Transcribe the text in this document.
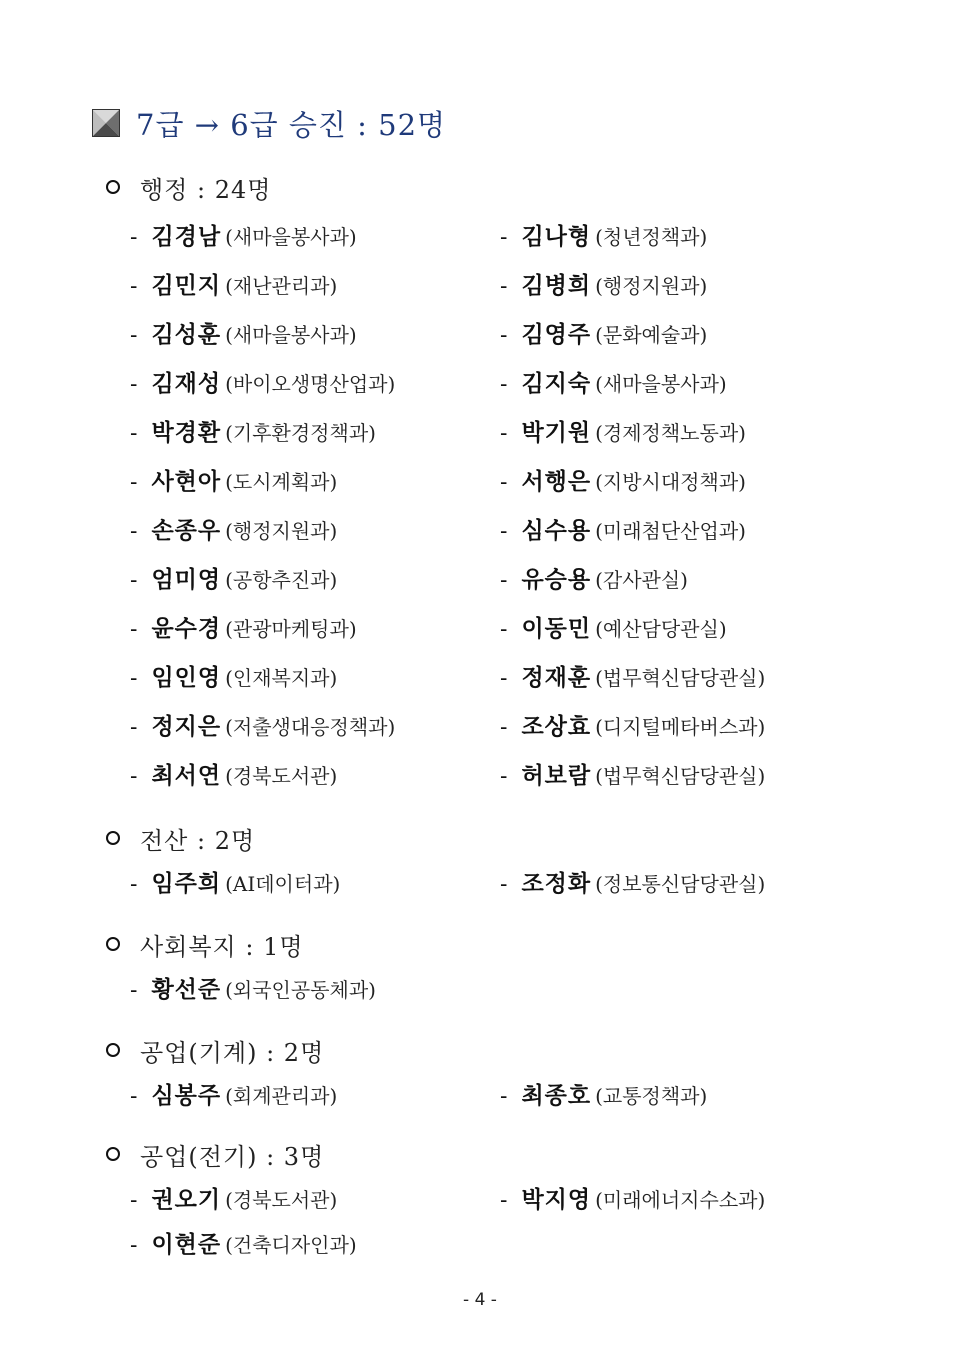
7급 → 6급 승진 : 52명
행정 : 24명
- 김경남 (새마을봉사과)	- 김나형 (청년정책과)
- 김민지 (재난관리과)	- 김병희 (행정지원과)
- 김성훈 (새마을봉사과)	- 김영주 (문화예술과)
- 김재성 (바이오생명산업과)	- 김지숙 (새마을봉사과)
- 박경환 (기후환경정책과)	- 박기원 (경제정책노동과)
- 사현아 (도시계획과)	- 서행은 (지방시대정책과)
- 손종우 (행정지원과)	- 심수용 (미래첨단산업과)
- 엄미영 (공항추진과)	- 유승용 (감사관실)
- 윤수경 (관광마케팅과)	- 이동민 (예산담당관실)
- 임인영 (인재복지과)	- 정재훈 (법무혁신담당관실)
- 정지은 (저출생대응정책과)	- 조상효 (디지털메타버스과)
- 최서연 (경북도서관)	- 허보람 (법무혁신담당관실)
전산 : 2명
- 임주희 (AI데이터과)	- 조정화 (정보통신담당관실)
사회복지 : 1명
- 황선준 (외국인공동체과)
공업(기계) : 2명
- 심봉주 (회계관리과)	- 최종호 (교통정책과)
공업(전기) : 3명
- 권오기 (경북도서관)	- 박지영 (미래에너지수소과)
- 이현준 (건축디자인과)
- 4 -
